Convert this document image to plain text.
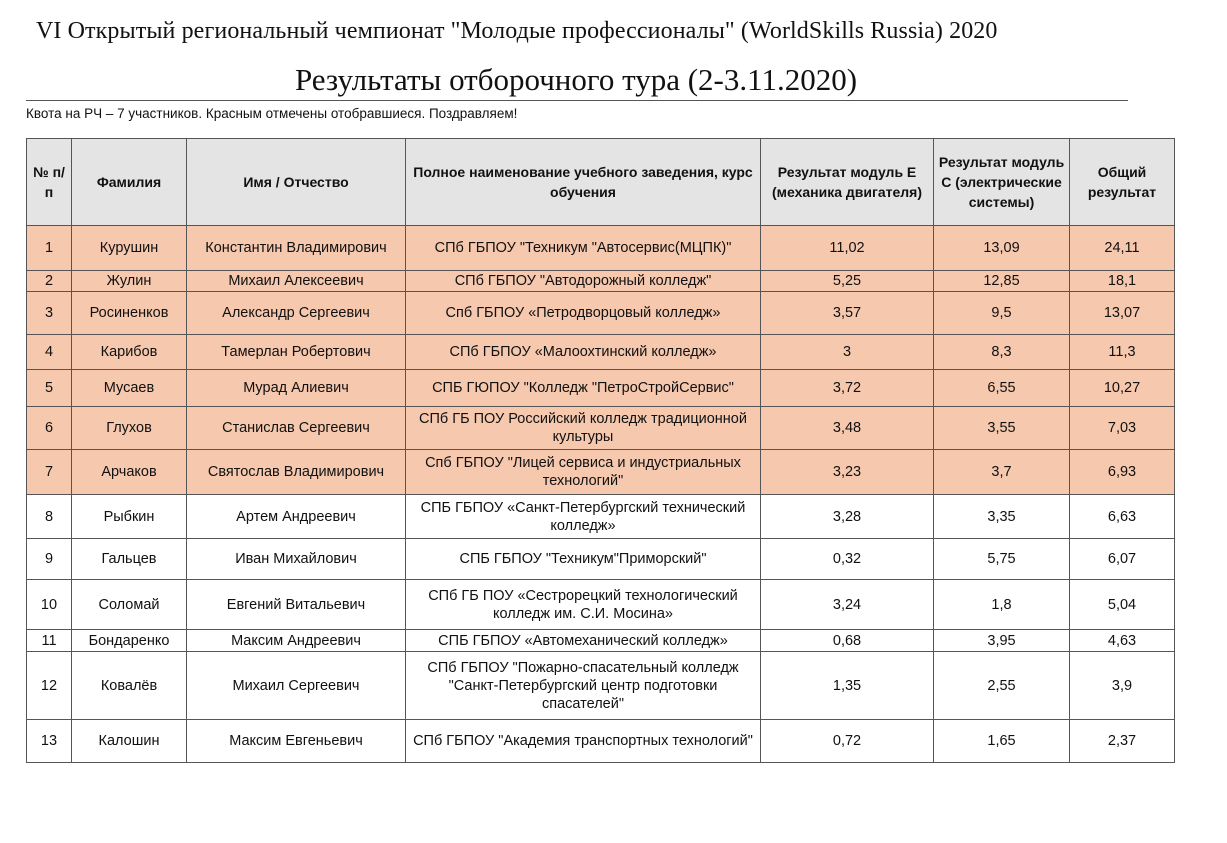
VI Открытый региональный чемпионат "Молодые профессионалы" (WorldSkills Russia) 2020
Результаты отборочного тура (2-3.11.2020)
Квота на РЧ – 7 участников. Красным отмечены отобравшиеся. Поздравляем!
№ п/п	Фамилия	Имя / Отчество	Полное наименование учебного заведения, курс обучения	Результат модуль Е (механика двигателя)	Результат модуль С (электрические системы)	Общий результат
1	Курушин	Константин Владимирович	СПб ГБПОУ "Техникум "Автосервис(МЦПК)"	11,02	13,09	24,11
2	Жулин	Михаил Алексеевич	СПб ГБПОУ "Автодорожный колледж"	5,25	12,85	18,1
3	Росиненков	Александр Сергеевич	Спб ГБПОУ «Петродворцовый колледж»	3,57	9,5	13,07
4	Карибов	Тамерлан Робертович	СПб ГБПОУ «Малоохтинский колледж»	3	8,3	11,3
5	Мусаев	Мурад Алиевич	СПБ ГЮПОУ "Колледж "ПетроСтройСервис"	3,72	6,55	10,27
6	Глухов	Станислав Сергеевич	СПб ГБ ПОУ Российский колледж традиционной культуры	3,48	3,55	7,03
7	Арчаков	Святослав Владимирович	Спб ГБПОУ "Лицей сервиса и индустриальных технологий"	3,23	3,7	6,93
8	Рыбкин	Артем Андреевич	СПБ ГБПОУ «Санкт-Петербургский технический колледж»	3,28	3,35	6,63
9	Гальцев	Иван Михайлович	СПБ ГБПОУ "Техникум"Приморский"	0,32	5,75	6,07
10	Соломай	Евгений Витальевич	СПб ГБ ПОУ «Сестрорецкий технологический колледж им. С.И. Мосина»	3,24	1,8	5,04
11	Бондаренко	Максим Андреевич	СПБ ГБПОУ «Автомеханический колледж»	0,68	3,95	4,63
12	Ковалёв	Михаил Сергеевич	СПб ГБПОУ "Пожарно-спасательный колледж "Санкт-Петербургский центр подготовки спасателей"	1,35	2,55	3,9
13	Калошин	Максим Евгеньевич	СПб ГБПОУ "Академия транспортных технологий"	0,72	1,65	2,37
